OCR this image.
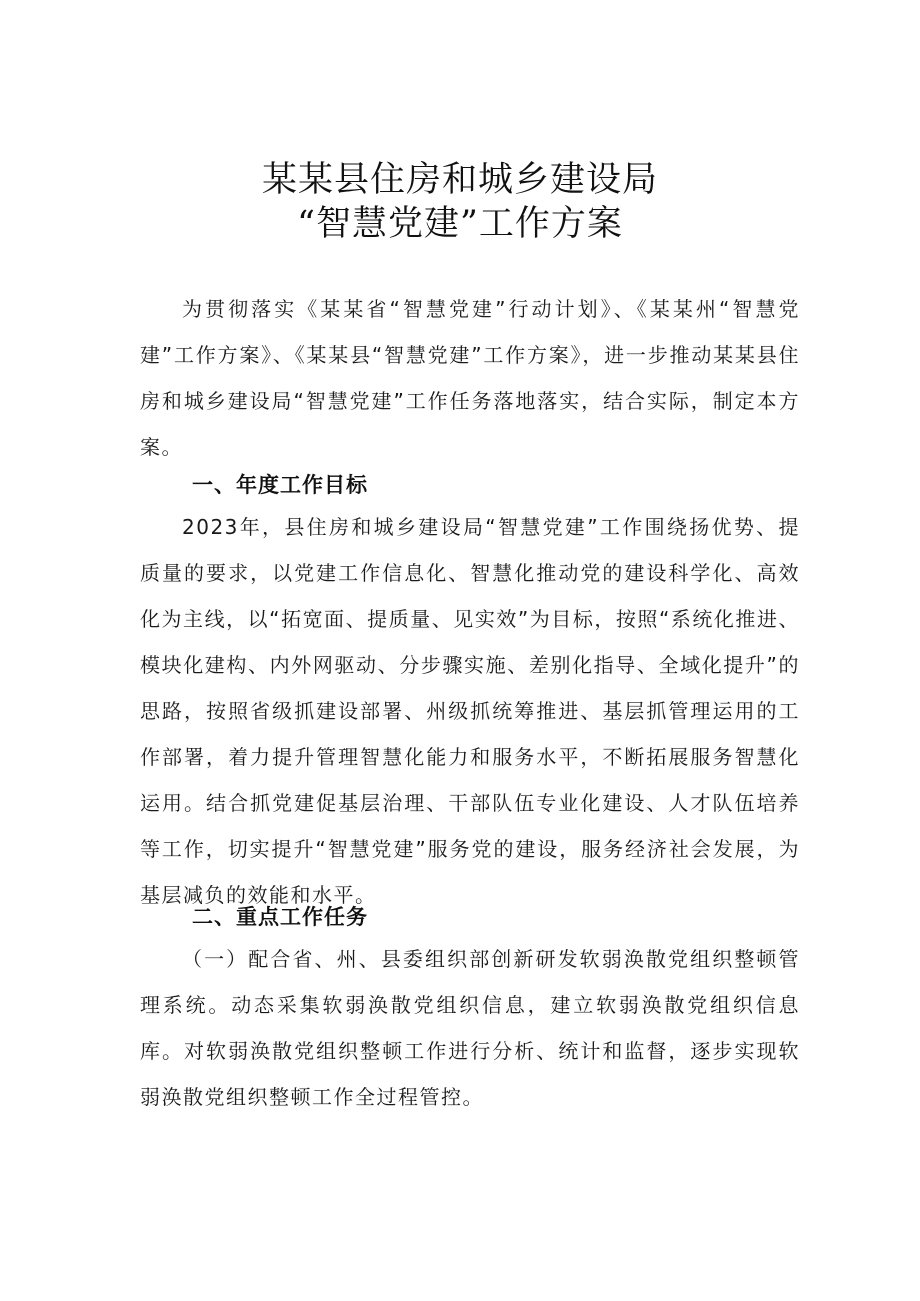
某某县住房和城乡建设局
“智慧党建”工作方案

为贯彻落实《某某省“智慧党建”行动计划》、《某某州“智慧党建”工作方案》、《某某县“智慧党建”工作方案》，进一步推动某某县住房和城乡建设局“智慧党建”工作任务落地落实，结合实际，制定本方案。

一、年度工作目标

2023年，县住房和城乡建设局“智慧党建”工作围绕扬优势、提质量的要求，以党建工作信息化、智慧化推动党的建设科学化、高效化为主线，以“拓宽面、提质量、见实效”为目标，按照“系统化推进、模块化建构、内外网驱动、分步骤实施、差别化指导、全域化提升”的思路，按照省级抓建设部署、州级抓统筹推进、基层抓管理运用的工作部署，着力提升管理智慧化能力和服务水平，不断拓展服务智慧化运用。结合抓党建促基层治理、干部队伍专业化建设、人才队伍培养等工作，切实提升“智慧党建”服务党的建设，服务经济社会发展，为基层减负的效能和水平。

二、重点工作任务

（一）配合省、州、县委组织部创新研发软弱涣散党组织整顿管理系统。动态采集软弱涣散党组织信息，建立软弱涣散党组织信息库。对软弱涣散党组织整顿工作进行分析、统计和监督，逐步实现软弱涣散党组织整顿工作全过程管控。
